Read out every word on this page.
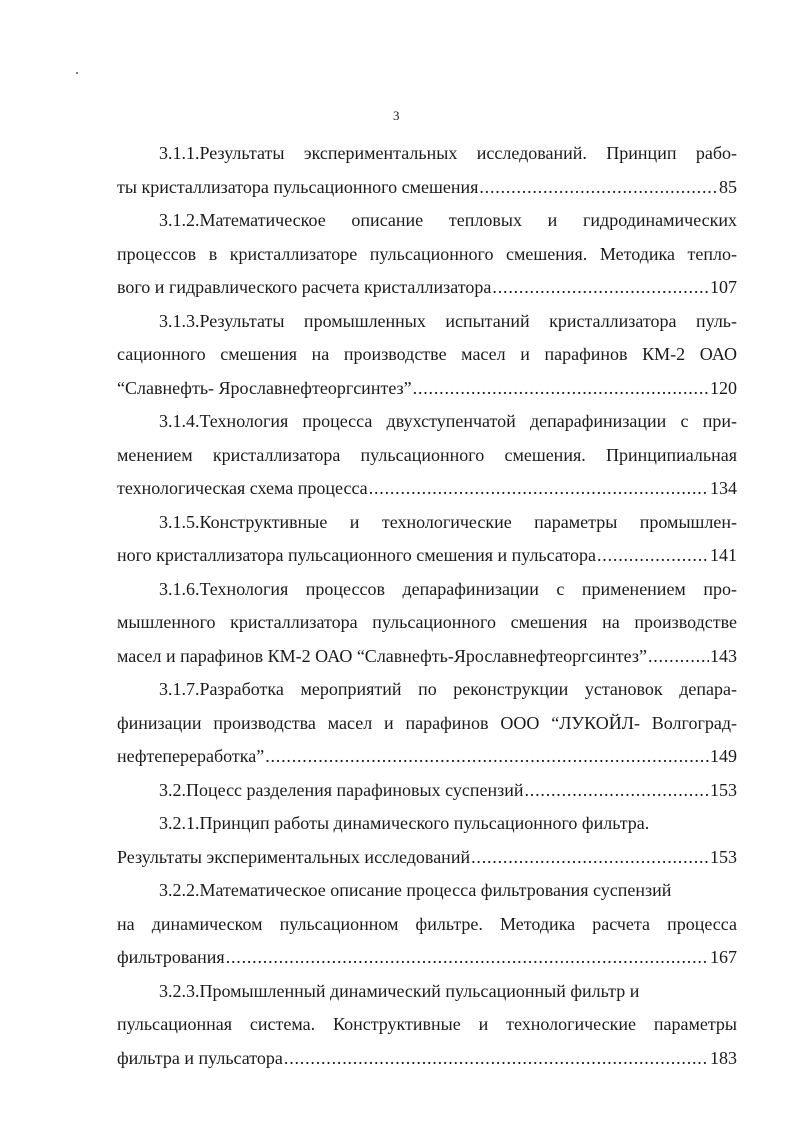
3
3.1.1.Результаты экспериментальных исследований. Принцип рабо-
ты кристаллизатора пульсационного смешения .....	85
3.1.2.Математическое описание тепловых и гидродинамических
процессов в кристаллизаторе пульсационного смешения. Методика тепло-
вого и гидравлического расчета кристаллизатора .....	107
3.1.3.Результаты промышленных испытаний кристаллизатора пуль-
сационного смешения на производстве масел и парафинов КМ-2 ОАО
“Славнефть- Ярославнефтеоргсинтез” .....	120
3.1.4.Технология процесса двухступенчатой депарафинизации с при-
менением кристаллизатора пульсационного смешения. Принципиальная
технологическая схема процесса .....	134
3.1.5.Конструктивные и технологические параметры промышлен-
ного кристаллизатора пульсационного смешения и пульсатора .....	141
3.1.6.Технология процессов депарафинизации с применением про-
мышленного кристаллизатора пульсационного смешения на производстве
масел и парафинов КМ-2 ОАО “Славнефть-Ярославнефтеоргсинтез” .....	143
3.1.7.Разработка мероприятий по реконструкции установок депара-
финизации производства масел и парафинов ООО “ЛУКОЙЛ- Волгоград-
нефтепереработка” .....	149
3.2.Поцесс разделения парафиновых суспензий .....	153
3.2.1.Принцип работы динамического пульсационного фильтра.
Результаты экспериментальных исследований .....	153
3.2.2.Математическое описание процесса фильтрования суспензий
на динамическом пульсационном фильтре. Методика расчета процесса
фильтрования .....	167
3.2.3.Промышленный динамический пульсационный фильтр и
пульсационная система. Конструктивные и технологические параметры
фильтра и пульсатора .....	183
